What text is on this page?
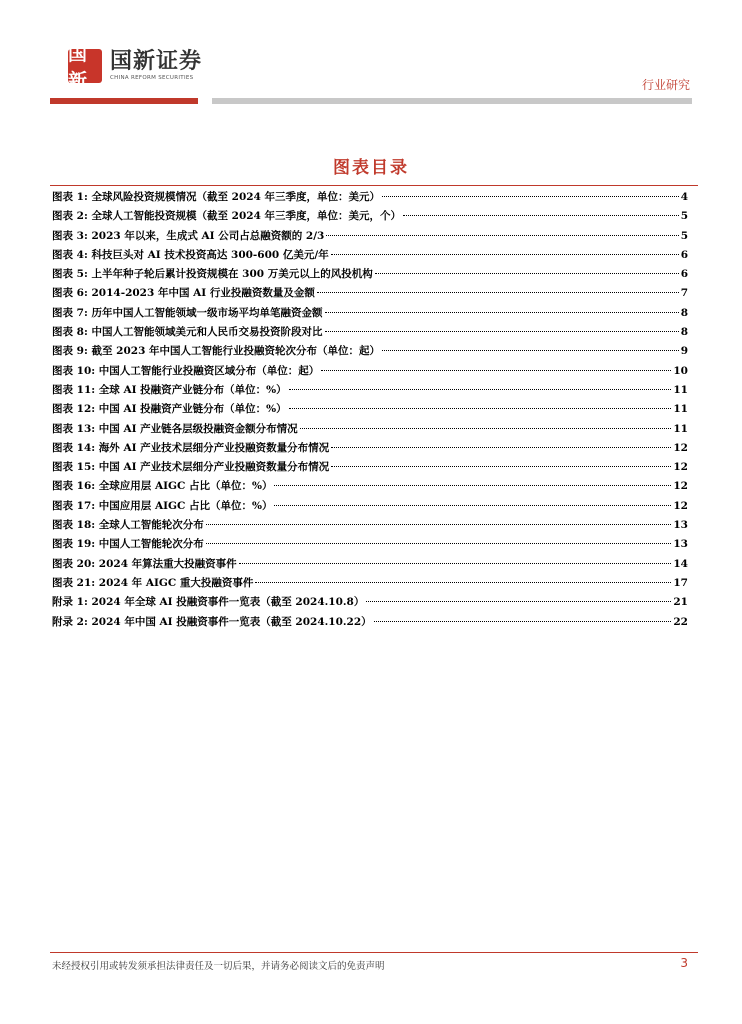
国新
国新证券
CHINA REFORM SECURITIES	行业研究
图表目录
图表 1: 全球风险投资规模情况（截至 2024 年三季度，单位：美元）	4
图表 2: 全球人工智能投资规模（截至 2024 年三季度，单位：美元，个）	5
图表 3: 2023 年以来，生成式 AI 公司占总融资额的 2/3	5
图表 4: 科技巨头对 AI 技术投资高达 300-600 亿美元/年	6
图表 5: 上半年种子轮后累计投资规模在 300 万美元以上的风投机构	6
图表 6: 2014-2023 年中国 AI 行业投融资数量及金额	7
图表 7: 历年中国人工智能领域一级市场平均单笔融资金额	8
图表 8: 中国人工智能领域美元和人民币交易投资阶段对比	8
图表 9: 截至 2023 年中国人工智能行业投融资轮次分布（单位：起）	9
图表 10: 中国人工智能行业投融资区域分布（单位：起）	10
图表 11: 全球 AI 投融资产业链分布（单位：%）	11
图表 12: 中国 AI 投融资产业链分布（单位：%）	11
图表 13: 中国 AI 产业链各层级投融资金额分布情况	11
图表 14: 海外 AI 产业技术层细分产业投融资数量分布情况	12
图表 15: 中国 AI 产业技术层细分产业投融资数量分布情况	12
图表 16: 全球应用层 AIGC 占比（单位：%）	12
图表 17: 中国应用层 AIGC 占比（单位：%）	12
图表 18: 全球人工智能轮次分布	13
图表 19: 中国人工智能轮次分布	13
图表 20: 2024 年算法重大投融资事件	14
图表 21: 2024 年 AIGC 重大投融资事件	17
附录 1: 2024 年全球 AI 投融资事件一览表（截至 2024.10.8）	21
附录 2: 2024 年中国 AI 投融资事件一览表（截至 2024.10.22）	22
未经授权引用或转发须承担法律责任及一切后果，并请务必阅读文后的免责声明	3
